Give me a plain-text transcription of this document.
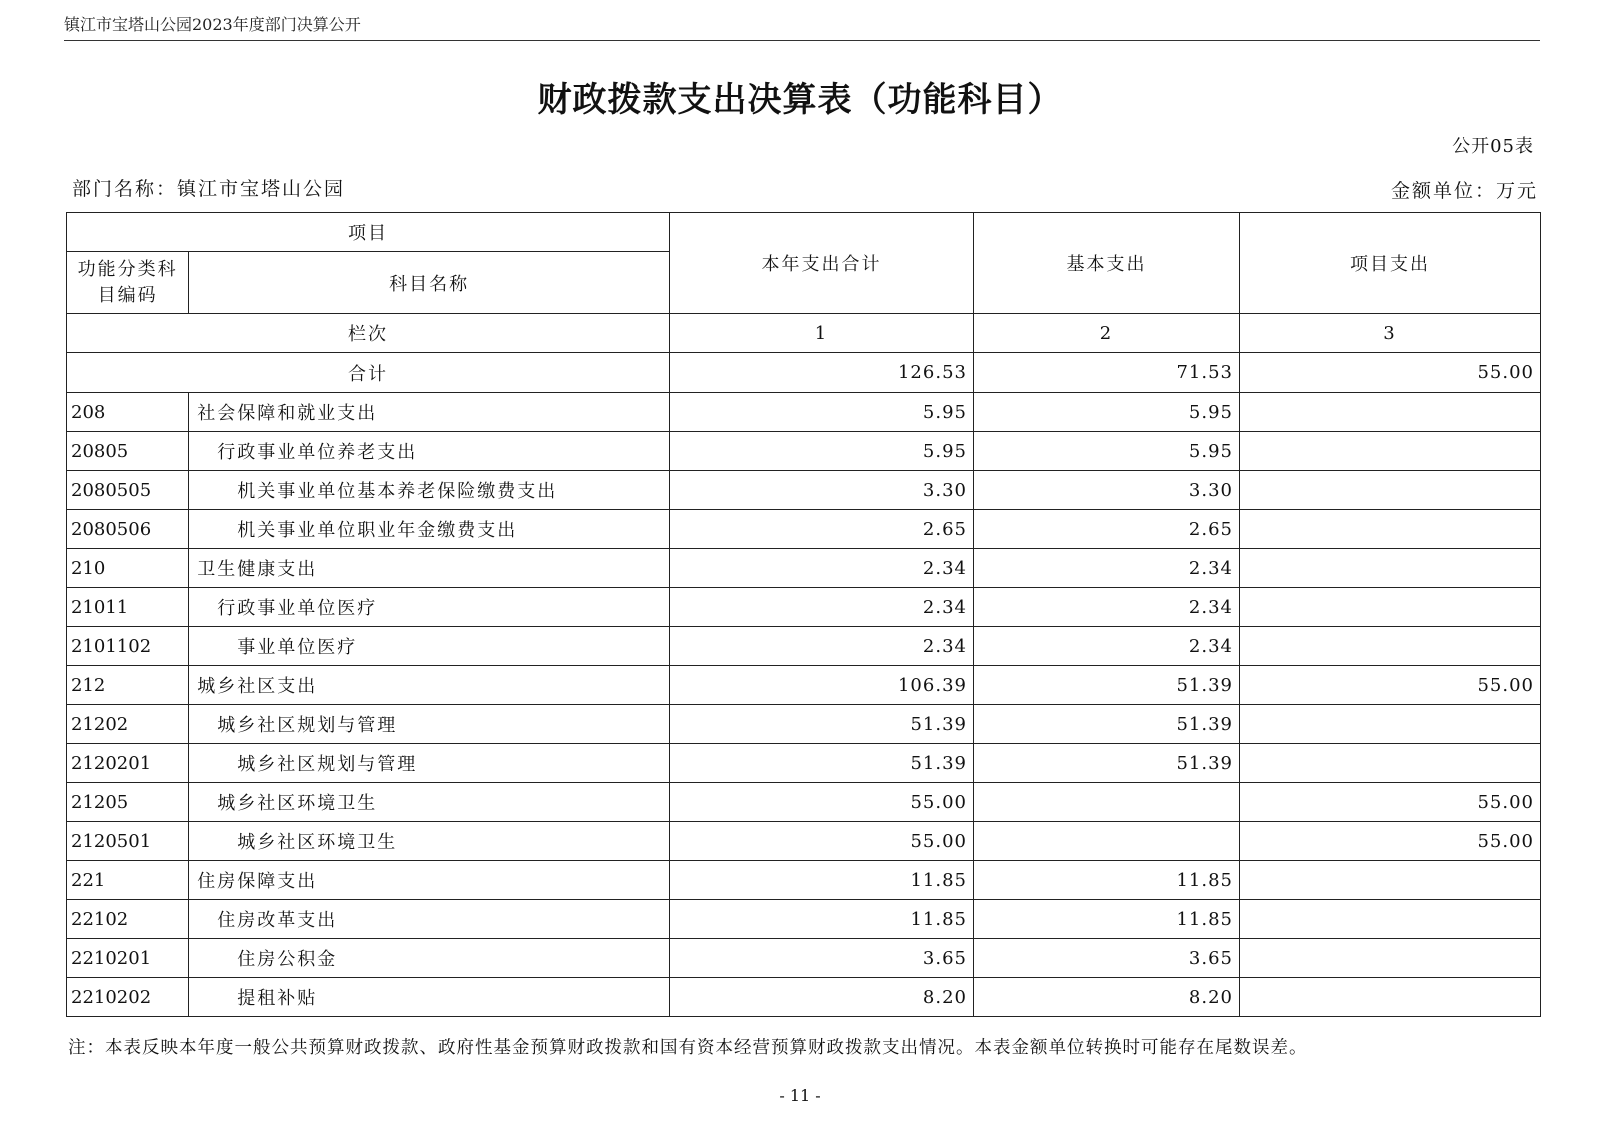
镇江市宝塔山公园2023年度部门决算公开
财政拨款支出决算表（功能科目）
公开05表
部门名称：镇江市宝塔山公园	金额单位：万元
项目		本年支出合计	基本支出	项目支出
功能分类科目编码	科目名称			
栏次		1	2	3
合计		126.53	71.53	55.00
208	社会保障和就业支出	5.95	5.95	
20805	行政事业单位养老支出	5.95	5.95	
2080505	机关事业单位基本养老保险缴费支出	3.30	3.30	
2080506	机关事业单位职业年金缴费支出	2.65	2.65	
210	卫生健康支出	2.34	2.34	
21011	行政事业单位医疗	2.34	2.34	
2101102	事业单位医疗	2.34	2.34	
212	城乡社区支出	106.39	51.39	55.00
21202	城乡社区规划与管理	51.39	51.39	
2120201	城乡社区规划与管理	51.39	51.39	
21205	城乡社区环境卫生	55.00		55.00
2120501	城乡社区环境卫生	55.00		55.00
221	住房保障支出	11.85	11.85	
22102	住房改革支出	11.85	11.85	
2210201	住房公积金	3.65	3.65	
2210202	提租补贴	8.20	8.20	
注：本表反映本年度一般公共预算财政拨款、政府性基金预算财政拨款和国有资本经营预算财政拨款支出情况。本表金额单位转换时可能存在尾数误差。
- 11 -
